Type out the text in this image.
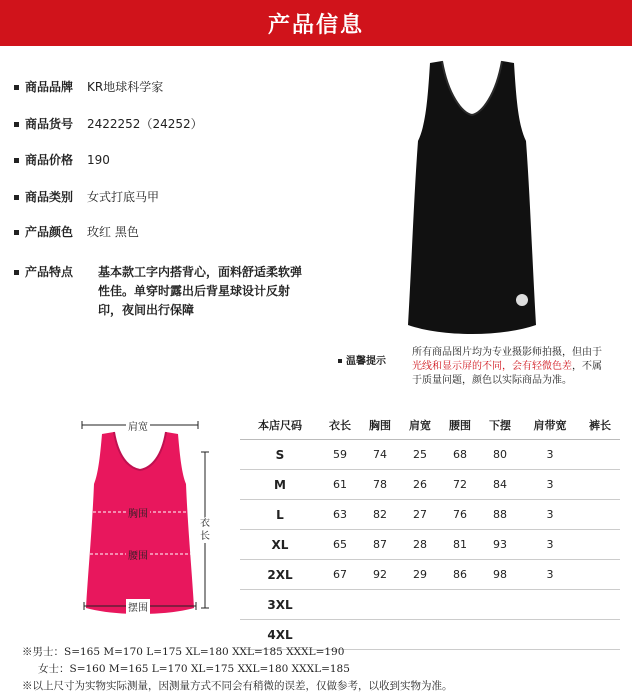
产品信息
商品品牌 KR地球科学家
商品货号 2422252（24252）
商品价格 190
商品类别 女式打底马甲
产品颜色 玫红 黑色
产品特点	基本款工字内搭背心，面料舒适柔软弹性佳。单穿时露出后背星球设计反射印，夜间出行保障
温馨提示
所有商品图片均为专业摄影师拍摄，但由于
光线和显示屏的不同，会有轻微色差，不属
于质量问题，颜色以实际商品为准。
肩宽
胸围
腰围
摆围
衣长
本店尺码	衣长	胸围	肩宽	腰围	下摆	肩带宽	裤长
S	59	74	25	68	80	3	
M	61	78	26	72	84	3	
L	63	82	27	76	88	3	
XL	65	87	28	81	93	3	
2XL	67	92	29	86	98	3	
3XL							
4XL							
※男士：S=165 M=170 L=175 XL=180 XXL=185 XXXL=190
女士：S=160 M=165 L=170 XL=175 XXL=180 XXXL=185
※以上尺寸为实物实际测量，因测量方式不同会有稍微的误差，仅做参考，以收到实物为准。
